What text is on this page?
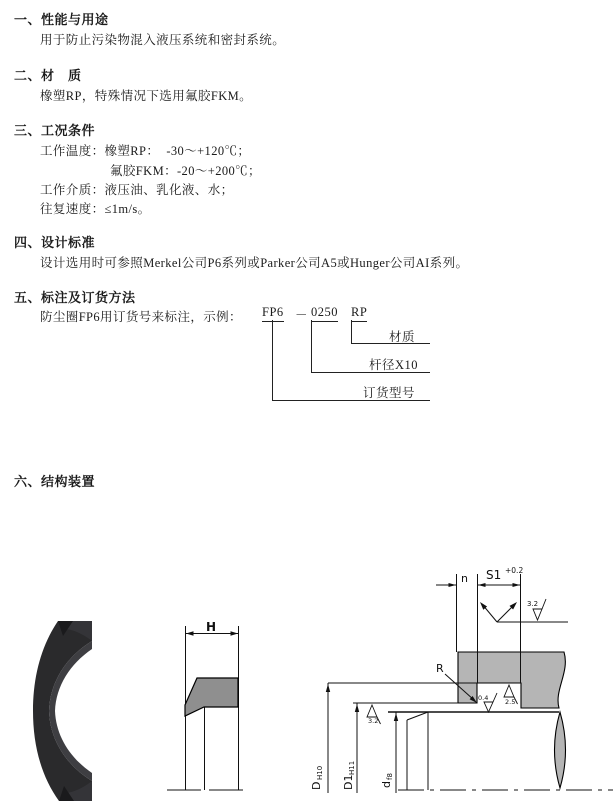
一、性能与用途
用于防止污染物混入液压系统和密封系统。
二、材　质
橡塑RP，特殊情况下选用氟胶FKM。
三、工况条件
工作温度：橡塑RP：  -30～+120℃；
氟胶FKM：-20～+200℃；
工作介质：液压油、乳化液、水；
往复速度：≤1m/s。
四、设计标准
设计选用时可参照Merkel公司P6系列或Parker公司A5或Hunger公司AI系列。
五、标注及订货方法
防尘圈FP6用订货号来标注，示例： FP6 － 0250 RP
材质
杆径X10
订货型号
六、结构装置
H
n S1 +0.2
R
3.2
0.4	2.5
3.2
D
H10
D1
H11
d
f8
